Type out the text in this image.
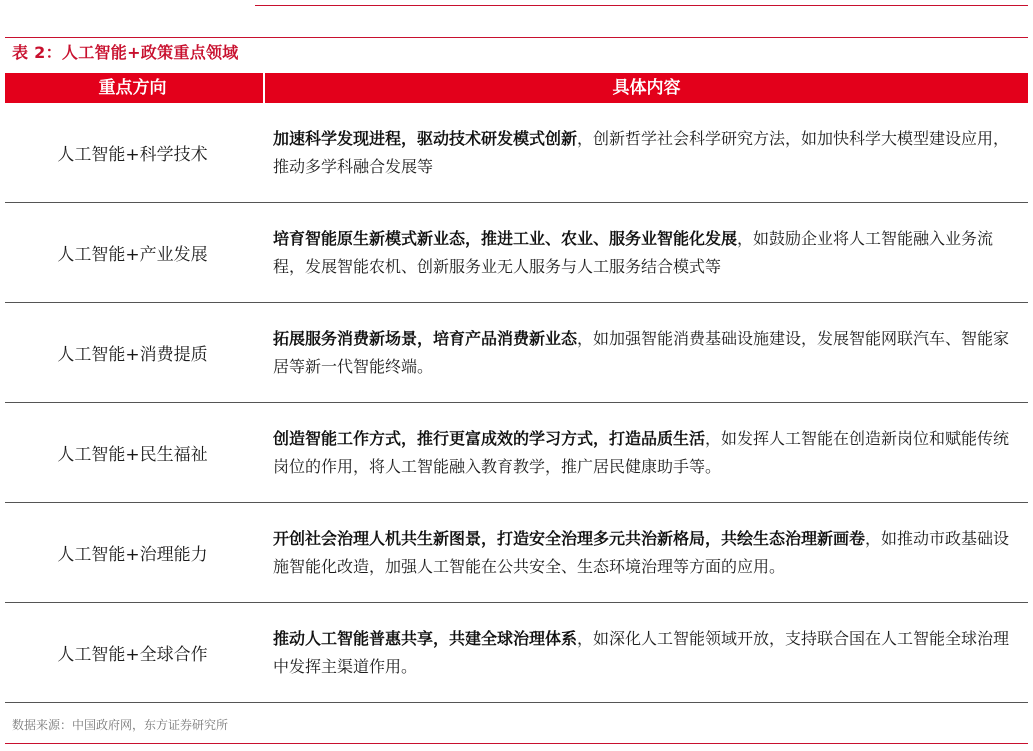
表 2：人工智能+政策重点领域
重点方向	具体内容
人工智能+科学技术
加速科学发现进程，驱动技术研发模式创新，创新哲学社会科学研究方法，如加快科学大模型建设应用，推动多学科融合发展等
人工智能+产业发展
培育智能原生新模式新业态，推进工业、农业、服务业智能化发展，如鼓励企业将人工智能融入业务流程，发展智能农机、创新服务业无人服务与人工服务结合模式等
人工智能+消费提质
拓展服务消费新场景，培育产品消费新业态，如加强智能消费基础设施建设，发展智能网联汽车、智能家居等新一代智能终端。
人工智能+民生福祉
创造智能工作方式，推行更富成效的学习方式，打造品质生活，如发挥人工智能在创造新岗位和赋能传统岗位的作用，将人工智能融入教育教学，推广居民健康助手等。
人工智能+治理能力
开创社会治理人机共生新图景，打造安全治理多元共治新格局，共绘生态治理新画卷，如推动市政基础设施智能化改造，加强人工智能在公共安全、生态环境治理等方面的应用。
人工智能+全球合作
推动人工智能普惠共享，共建全球治理体系，如深化人工智能领域开放，支持联合国在人工智能全球治理中发挥主渠道作用。
数据来源：中国政府网，东方证券研究所
